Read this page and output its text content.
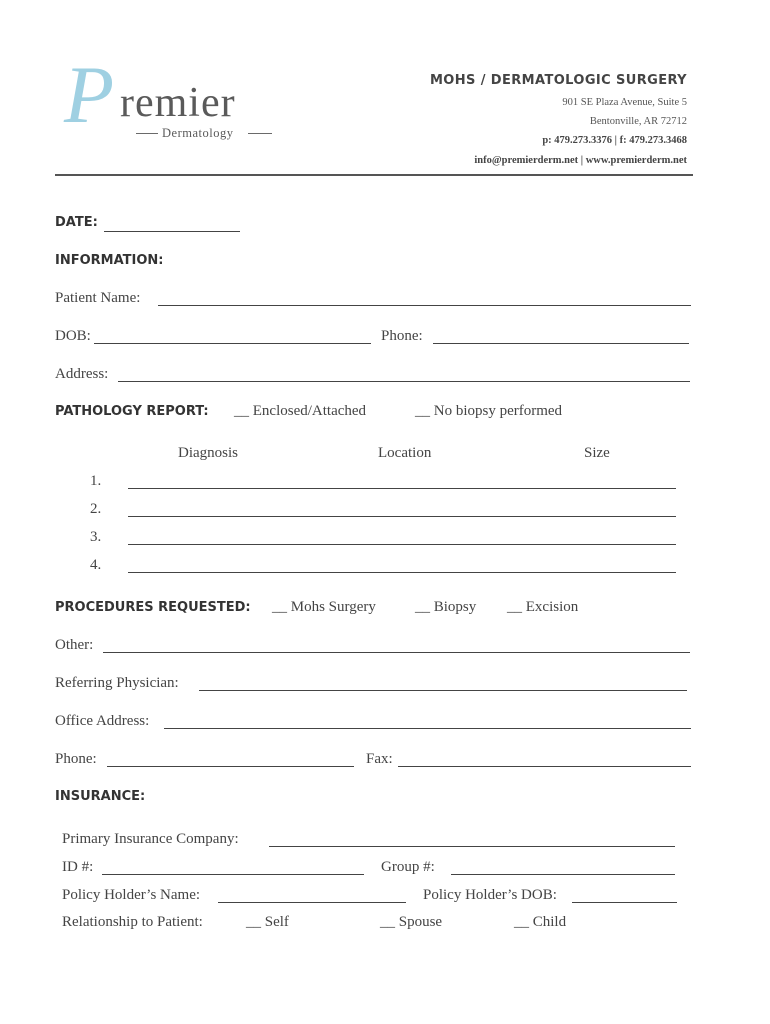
P remier
Dermatology
MOHS / DERMATOLOGIC SURGERY
901 SE Plaza Avenue, Suite 5
Bentonville, AR 72712
p: 479.273.3376 | f: 479.273.3468
info@premierderm.net | www.premierderm.net
DATE:
INFORMATION:
Patient Name:
DOB:	Phone:
Address:
PATHOLOGY REPORT: __ Enclosed/Attached	__ No biopsy performed
Diagnosis	Location	Size
1.
2.
3.
4.
PROCEDURES REQUESTED: __ Mohs Surgery	__ Biopsy __ Excision
Other:
Referring Physician:
Office Address:
Phone:	Fax:
INSURANCE:
Primary Insurance Company:
ID #:	Group #:
Policy Holder’s Name:	Policy Holder’s DOB:
Relationship to Patient:	__ Self	__ Spouse	__ Child
